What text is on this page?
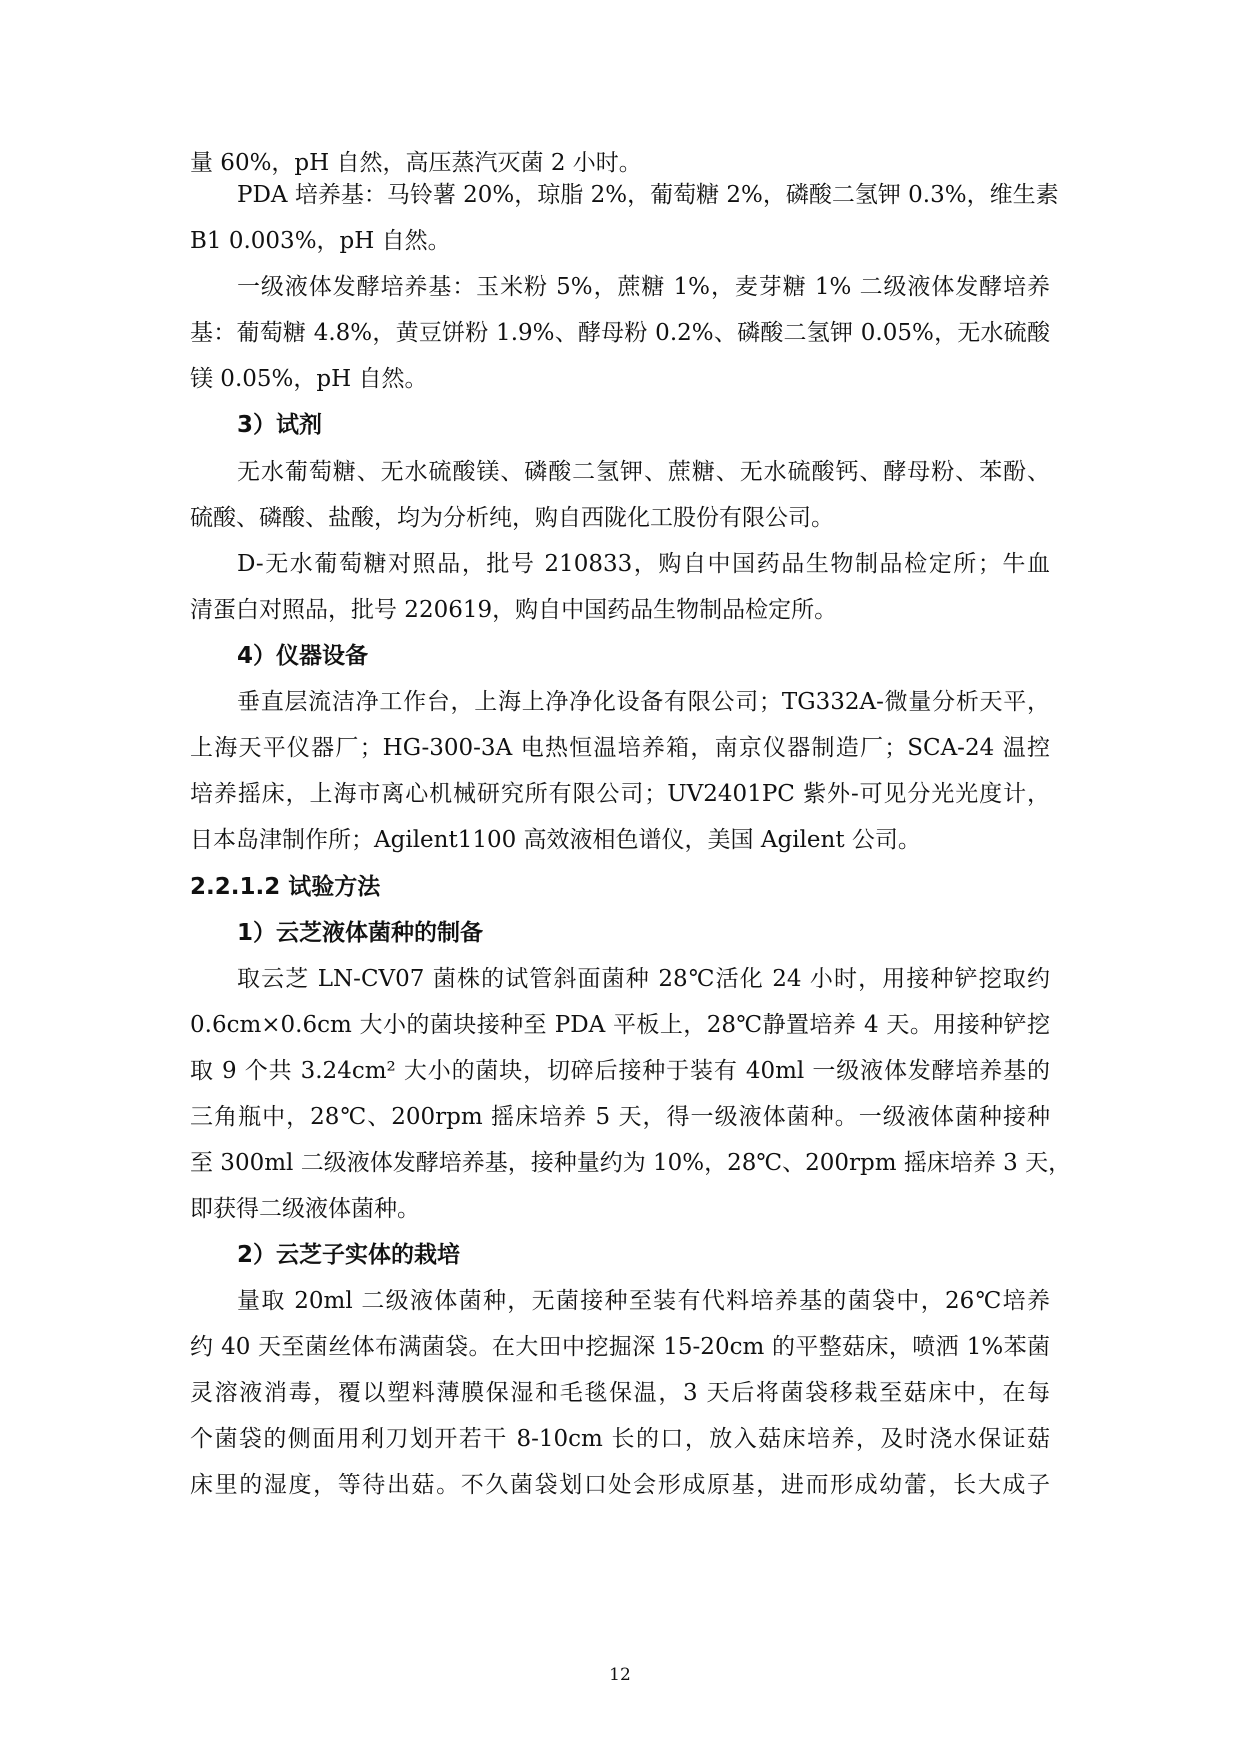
量 60%，pH 自然，高压蒸汽灭菌 2 小时。
PDA 培养基：马铃薯 20%，琼脂 2%，葡萄糖 2%，磷酸二氢钾 0.3%，维生素
B1 0.003%，pH 自然。
一级液体发酵培养基：玉米粉 5%，蔗糖 1%，麦芽糖 1% 二级液体发酵培养
基：葡萄糖 4.8%，黄豆饼粉 1.9%、酵母粉 0.2%、磷酸二氢钾 0.05%，无水硫酸
镁 0.05%，pH 自然。
3）试剂
无水葡萄糖、无水硫酸镁、磷酸二氢钾、蔗糖、无水硫酸钙、酵母粉、苯酚、
硫酸、磷酸、盐酸，均为分析纯，购自西陇化工股份有限公司。
D-无水葡萄糖对照品，批号 210833，购自中国药品生物制品检定所；牛血
清蛋白对照品，批号 220619，购自中国药品生物制品检定所。
4）仪器设备
垂直层流洁净工作台，上海上净净化设备有限公司；TG332A-微量分析天平，
上海天平仪器厂；HG-300-3A 电热恒温培养箱，南京仪器制造厂；SCA-24 温控
培养摇床，上海市离心机械研究所有限公司；UV2401PC 紫外-可见分光光度计，
日本岛津制作所；Agilent1100 高效液相色谱仪，美国 Agilent 公司。
2.2.1.2 试验方法
1）云芝液体菌种的制备
取云芝 LN-CV07 菌株的试管斜面菌种 28℃活化 24 小时，用接种铲挖取约
0.6cm×0.6cm 大小的菌块接种至 PDA 平板上，28℃静置培养 4 天。用接种铲挖
取 9 个共 3.24cm² 大小的菌块，切碎后接种于装有 40ml 一级液体发酵培养基的
三角瓶中，28℃、200rpm 摇床培养 5 天，得一级液体菌种。一级液体菌种接种
至 300ml 二级液体发酵培养基，接种量约为 10%，28℃、200rpm 摇床培养 3 天，
即获得二级液体菌种。
2）云芝子实体的栽培
量取 20ml 二级液体菌种，无菌接种至装有代料培养基的菌袋中，26℃培养
约 40 天至菌丝体布满菌袋。在大田中挖掘深 15-20cm 的平整菇床，喷洒 1%苯菌
灵溶液消毒，覆以塑料薄膜保湿和毛毯保温，3 天后将菌袋移栽至菇床中，在每
个菌袋的侧面用利刀划开若干 8-10cm 长的口，放入菇床培养，及时浇水保证菇
床里的湿度，等待出菇。不久菌袋划口处会形成原基，进而形成幼蕾，长大成子
12
